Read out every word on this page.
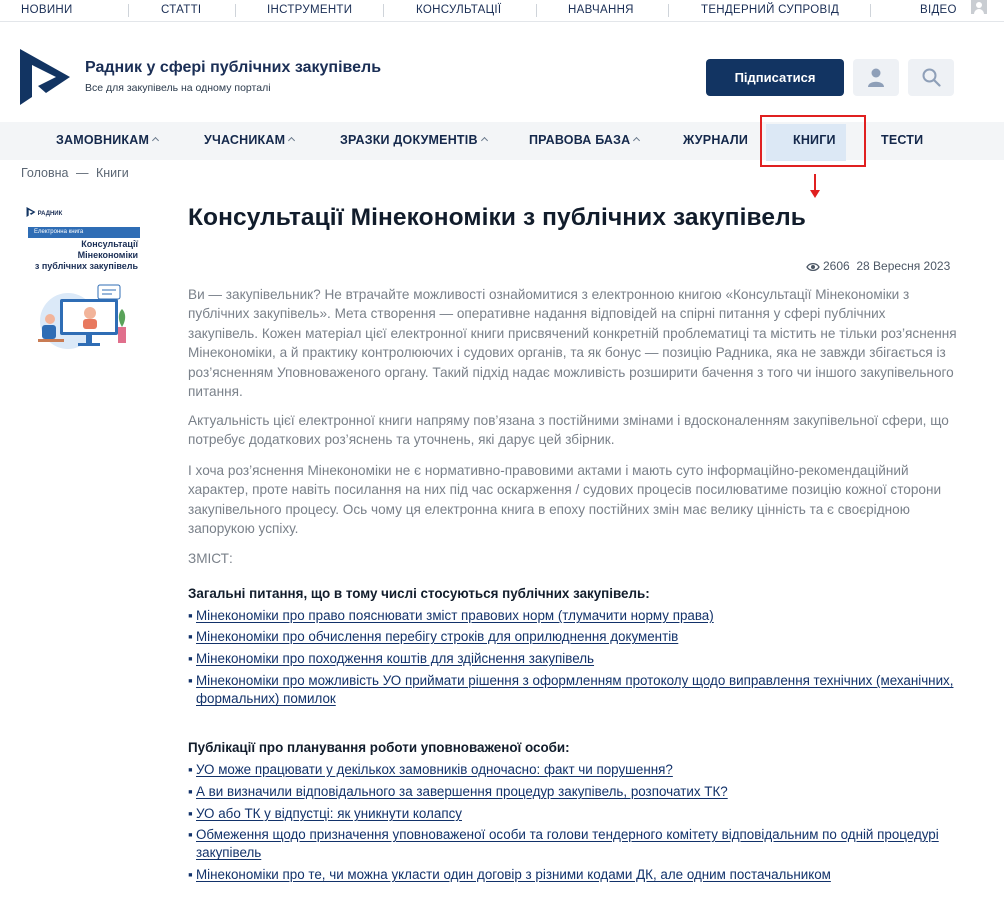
НОВИНИ	СТАТТІ	ІНСТРУМЕНТИ	КОНСУЛЬТАЦІЇ	НАВЧАННЯ	ТЕНДЕРНИЙ СУПРОВІД	ВІДЕО
Радник у сфері публічних закупівель
Все для закупівель на одному порталі
Підписатися
ЗАМОВНИКАМ	УЧАСНИКАМ	ЗРАЗКИ ДОКУМЕНТІВ	ПРАВОВА БАЗА	ЖУРНАЛИ	КНИГИ	ТЕСТИ
Головна — Книги
РАДНИК
Електронна книга
Консультації
Мінекономіки
з публічних закупівель
Консультації Мінекономіки з публічних закупівель
2606 28 Вересня 2023

Ви — закупівельник? Не втрачайте можливості ознайомитися з електронною книгою «Консультації Мінекономіки з публічних закупівель». Мета створення — оперативне надання відповідей на спірні питання у сфері публічних закупівель. Кожен матеріал цієї електронної книги присвячений конкретній проблематиці та містить не тільки роз’яснення Мінекономіки, а й практику контролюючих і судових органів, та як бонус — позицію Радника, яка не завжди збігається із роз’ясненням Уповноваженого органу. Такий підхід надає можливість розширити бачення з того чи іншого закупівельного питання.

Актуальність цієї електронної книги напряму пов’язана з постійними змінами і вдосконаленням закупівельної сфери, що потребує додаткових роз’яснень та уточнень, які дарує цей збірник.

І хоча роз’яснення Мінекономіки не є нормативно-правовими актами і мають суто інформаційно-рекомендаційний характер, проте навіть посилання на них під час оскарження / судових процесів посилюватиме позицію кожної сторони закупівельного процесу. Ось чому ця електронна книга в епоху постійних змін має велику цінність та є своєрідною запорукою успіху.

ЗМІСТ:
Загальні питання, що в тому числі стосуються публічних закупівель:
▪ Мінекономіки про право пояснювати зміст правових норм (тлумачити норму права)
▪ Мінекономіки про обчислення перебігу строків для оприлюднення документів
▪ Мінекономіки про походження коштів для здійснення закупівель
▪ Мінекономіки про можливість УО приймати рішення з оформленням протоколу щодо виправлення технічних (механічних, формальних) помилок
Публікації про планування роботи уповноваженої особи:
▪ УО може працювати у декількох замовників одночасно: факт чи порушення?
▪ А ви визначили відповідального за завершення процедур закупівель, розпочатих ТК?
▪ УО або ТК у відпустці: як уникнути колапсу
▪ Обмеження щодо призначення уповноваженої особи та голови тендерного комітету відповідальним по одній процедурі закупівель
▪ Мінекономіки про те, чи можна укласти один договір з різними кодами ДК, але одним постачальником
